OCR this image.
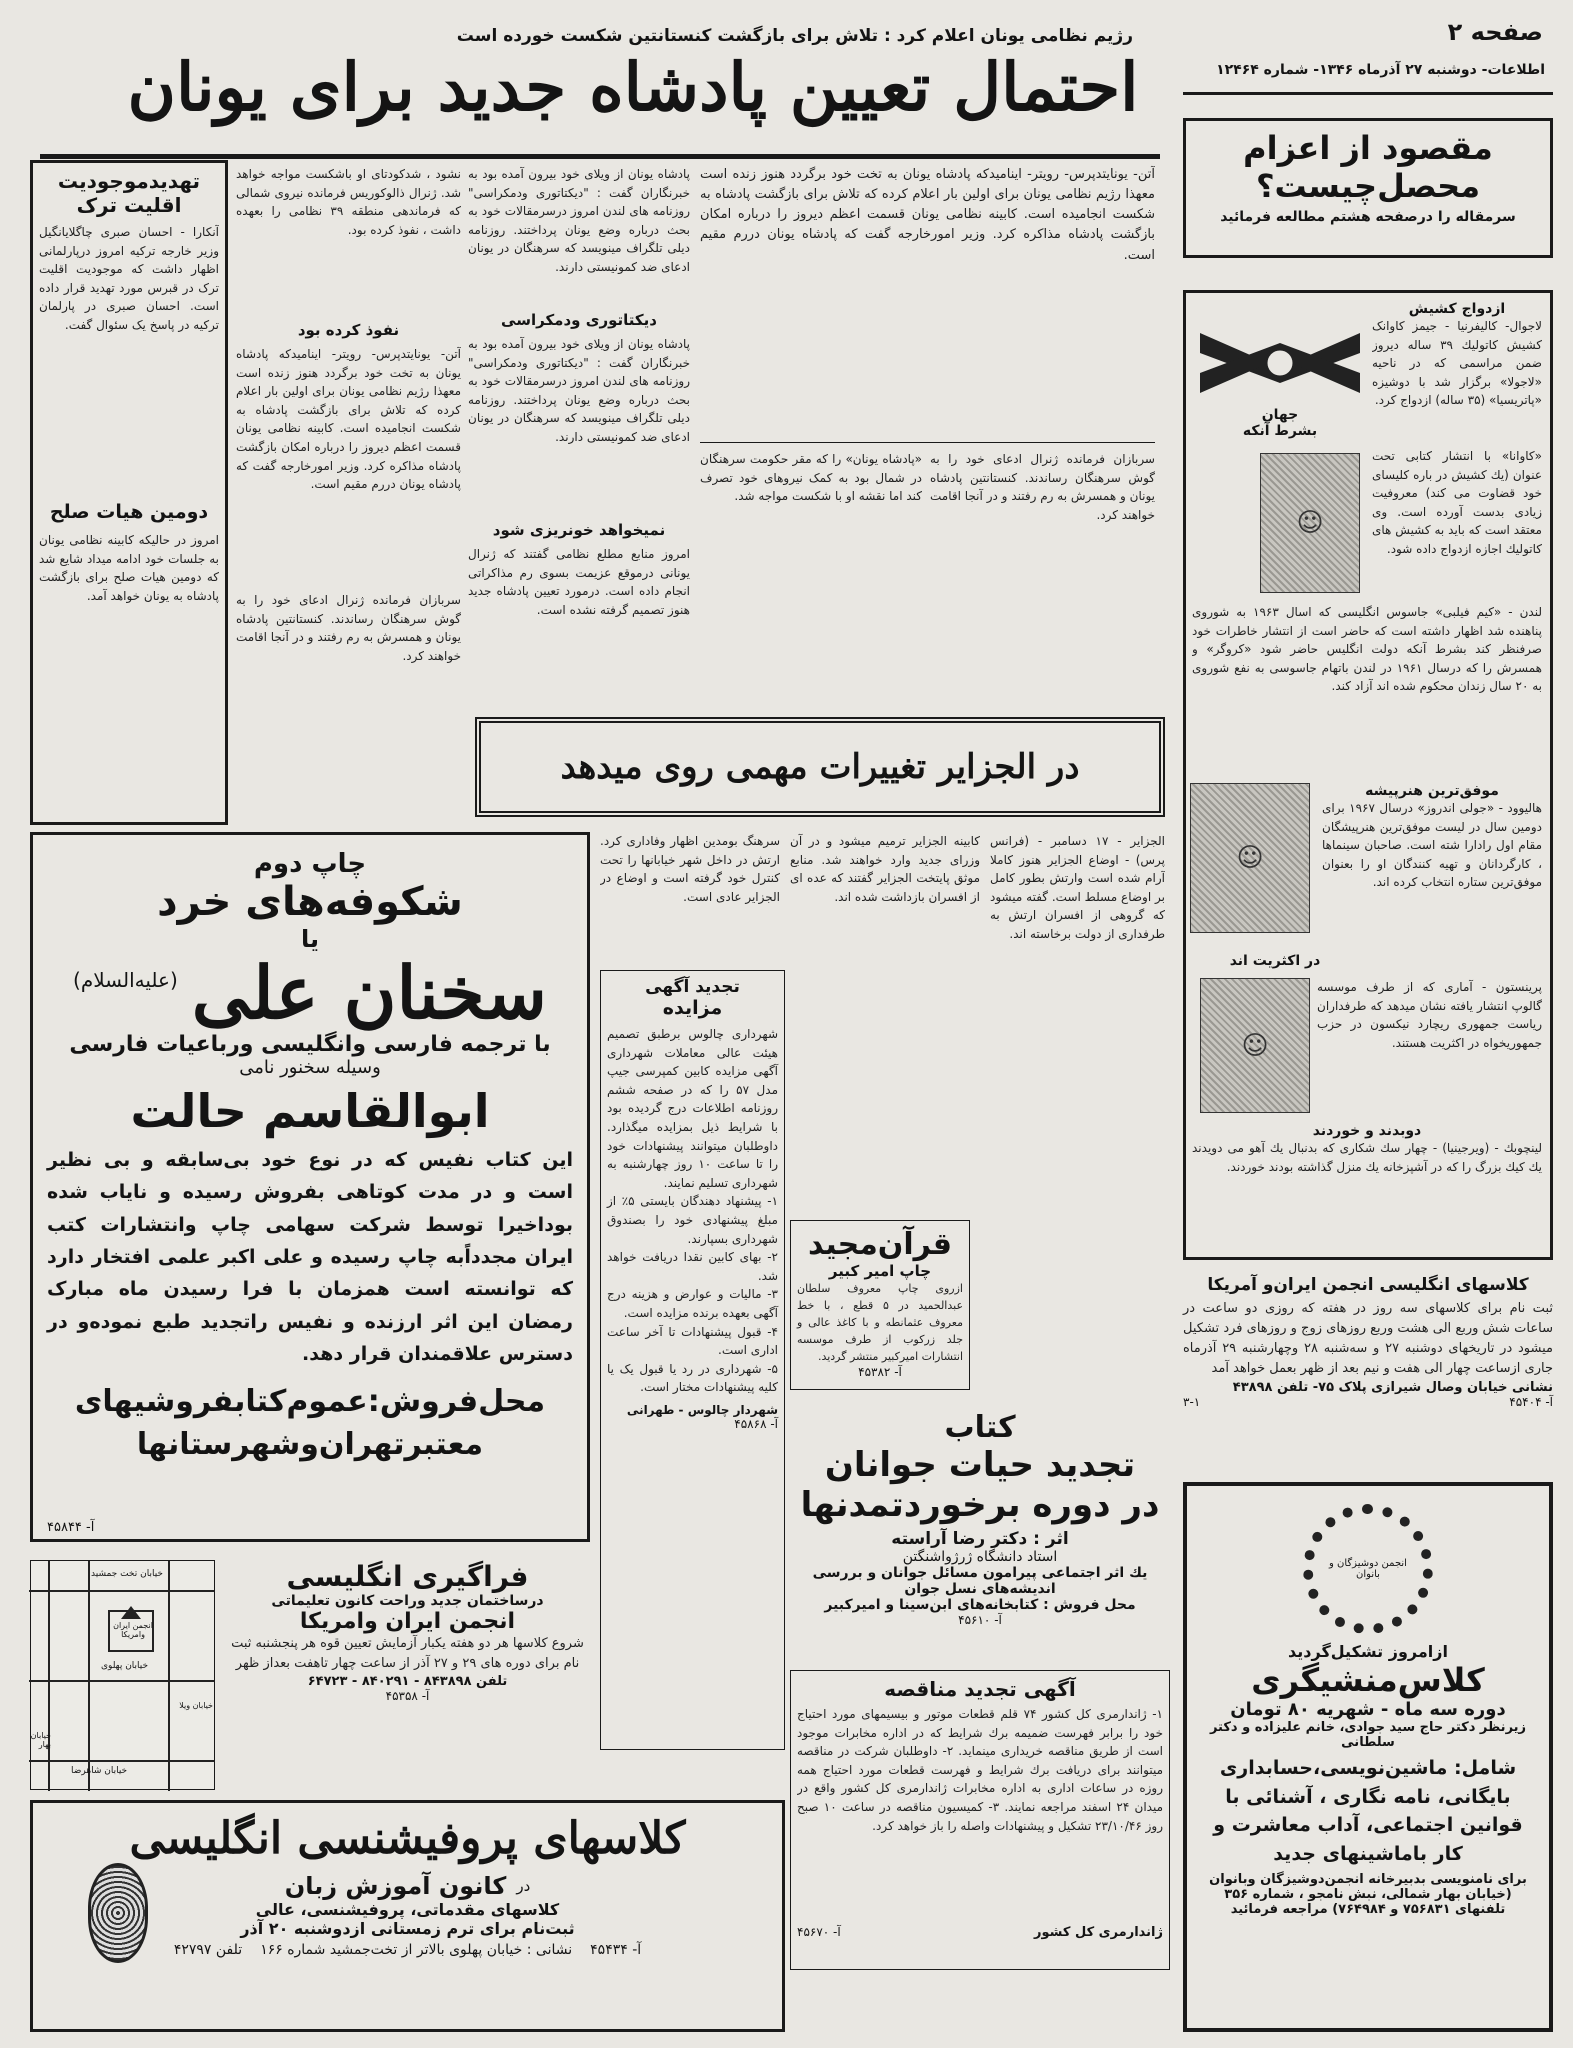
صفحه ۲
اطلاعات- دوشنبه ۲۷ آذرماه ۱۳۴۶- شماره ۱۲۴۶۴
رژیم نظامی یونان اعلام کرد : تلاش برای بازگشت کنستانتین شکست خورده است
احتمال تعیین پادشاه جدید برای یونان
تهدیدموجودیت
اقلیت ترک
آنکارا - احسان صبری چاگلایانگیل وزیر خارجه ترکیه امروز درپارلمانی اظهار داشت که موجودیت اقلیت ترک در قبرس مورد تهدید قرار داده است. احسان صبری در پارلمان ترکیه در پاسخ یک سئوال گفت.
دومین هیات صلح
امروز در حالیکه کابینه نظامی یونان به جلسات خود ادامه میداد شایع شد که دومین هیات صلح برای بازگشت پادشاه به یونان خواهد آمد.
آتن- یونایتدپرس- رویتر- اینامیدکه پادشاه یونان به تخت خود برگردد هنوز زنده است معهذا رژیم نظامی یونان برای اولین بار اعلام کرده که تلاش برای بازگشت پادشاه به شکست انجامیده است. کابینه نظامی یونان قسمت اعظم دیروز را درباره امکان بازگشت پادشاه مذاکره کرد. وزیر امورخارجه گفت که پادشاه یونان دررم مقیم است.
پادشاه یونان از ویلای خود بیرون آمده بود به خبرنگاران گفت : "دیکتاتوری ودمکراسی" روزنامه های لندن امروز درسرمقالات خود به بحث درباره وضع یونان پرداختند. روزنامه دیلی تلگراف مینویسد که سرهنگان در یونان ادعای ضد کمونیستی دارند.
دیکتاتوری ودمکراسی
پادشاه یونان از ویلای خود بیرون آمده بود به خبرنگاران گفت : "دیکتاتوری ودمکراسی" روزنامه های لندن امروز درسرمقالات خود به بحث درباره وضع یونان پرداختند. روزنامه دیلی تلگراف مینویسد که سرهنگان در یونان ادعای ضد کمونیستی دارند.
نمیخواهد خونریزی شود
امروز منابع مطلع نظامی گفتند که ژنرال یونانی درموقع عزیمت بسوی رم مذاکراتی انجام داده است. درمورد تعیین پادشاه جدید هنوز تصمیم گرفته نشده است.
نشود ، شدکودتای او باشکست مواجه خواهد شد. ژنرال ذالوکوریس فرمانده نیروی شمالی که فرماندهی منطقه ۳۹ نظامی را بعهده داشت ، نفوذ کرده بود.
نفوذ کرده بود
آتن- یونایتدپرس- رویتر- اینامیدکه پادشاه یونان به تخت خود برگردد هنوز زنده است معهذا رژیم نظامی یونان برای اولین بار اعلام کرده که تلاش برای بازگشت پادشاه به شکست انجامیده است. کابینه نظامی یونان قسمت اعظم دیروز را درباره امکان بازگشت پادشاه مذاکره کرد. وزیر امورخارجه گفت که پادشاه یونان دررم مقیم است.
سربازان فرمانده ژنرال ادعای خود را به گوش سرهنگان رساندند. کنستانتین پادشاه یونان و همسرش به رم رفتند و در آنجا اقامت خواهند کرد.
سربازان فرمانده ژنرال ادعای خود را به گوش سرهنگان رساندند. کنستانتین پادشاه یونان و همسرش به رم رفتند و در آنجا اقامت خواهند کرد.
«پادشاه یونان» را که مقر حکومت سرهنگان در شمال بود به کمک نیروهای خود تصرف کند اما نقشه او با شکست مواجه شد.
در الجزایر تغییرات مهمی روی میدهد
الجزایر - ۱۷ دسامبر - (فرانس پرس) - اوضاع الجزایر هنوز کاملا آرام شده است وارتش بطور کامل بر اوضاع مسلط است. گفته میشود که گروهی از افسران ارتش به طرفداری از دولت برخاسته اند.
کابینه الجزایر ترمیم میشود و در آن وزرای جدید وارد خواهند شد. منابع موثق پایتخت الجزایر گفتند که عده ای از افسران بازداشت شده اند.
سرهنگ بومدین اظهار وفاداری کرد. ارتش در داخل شهر خیابانها را تحت کنترل خود گرفته است و اوضاع در الجزایر عادی است.
چاپ دوم
شکوفه‌های خرد
یا
سخنان علی
(علیه‌السلام)
با ترجمه فارسی وانگلیسی ورباعیات فارسی
وسیله سخنور نامی
ابوالقاسم حالت
این کتاب نفیس که در نوع خود بی‌سابقه و بی نظیر است و در مدت کوتاهی بفروش رسیده و نایاب شده بوداخیرا توسط شرکت سهامی چاپ وانتشارات کتب ایران مجدداًبه چاپ رسیده و علی اکبر علمی افتخار دارد که توانسته است همزمان با فرا رسیدن ماه مبارک رمضان این اثر ارزنده و نفیس راتجدید طبع نموده‌و در دسترس علاقمندان قرار دهد.
محل‌فروش:عموم‌کتابفروشیهای
معتبرتهران‌وشهرستانها
آ- ۴۵۸۴۴
تجدید آگهی
مزایده
شهرداری چالوس برطبق تصمیم هیئت عالی معاملات شهرداری آگهی مزایده کابین کمپرسی جیپ مدل ۵۷ را که در صفحه ششم روزنامه اطلاعات درج گردیده بود با شرایط ذیل بمزایده میگذارد. داوطلبان میتوانند پیشنهادات خود را تا ساعت ۱۰ روز چهارشنبه به شهرداری تسلیم نمایند.
۱- پیشنهاد دهندگان بایستی ۵٪ از مبلغ پیشنهادی خود را بصندوق شهرداری بسپارند.
۲- بهای کابین نقدا دریافت خواهد شد.
۳- مالیات و عوارض و هزینه درج آگهی بعهده برنده مزایده است.
۴- قبول پیشنهادات تا آخر ساعت اداری است.
۵- شهرداری در رد یا قبول یک یا کلیه پیشنهادات مختار است.
شهردار چالوس - طهرانی
آ- ۴۵۸۶۸
قرآن‌مجید
چاپ امیر کبیر
ازروی چاپ معروف سلطان عبدالحمید در ۵ قطع ، با خط معروف عثمانطه و با کاغذ عالی و جلد زرکوب از طرف موسسه انتشارات امیرکبیر منتشر گردید.
آ- ۴۵۳۸۲
کتاب
تجدید حیات جوانان
در دوره برخوردتمدنها
اثر : دکتر رضا آراسته
استاد دانشگاه ژرژواشنگتن
یك اثر اجتماعی پیرامون مسائل جوانان و بررسی اندیشه‌های نسل جوان
محل فروش : کتابخانه‌های ابن‌سینا و امیرکبیر
آ- ۴۵۶۱۰
آگهی تجدید مناقصه
۱- ژاندارمری کل کشور ۷۴ قلم قطعات موتور و بیسیمهای مورد احتیاج خود را برابر فهرست ضمیمه برك شرایط که در اداره مخابرات موجود است از طریق مناقصه خریداری مینماید. ۲- داوطلبان شرکت در مناقصه میتوانند برای دریافت برك شرایط و فهرست قطعات مورد احتیاج همه روزه در ساعات اداری به اداره مخابرات ژاندارمری کل کشور واقع در میدان ۲۴ اسفند مراجعه نمایند. ۳- کمیسیون مناقصه در ساعت ۱۰ صبح روز ۲۳/۱۰/۴۶ تشکیل و پیشنهادات واصله را باز خواهد کرد.
ژاندارمری کل کشور
آ- ۴۵۶۷۰
خیابان تخت جمشید
انجمن ایران وامریکا
خیابان شاهرضا
خیابان پهلوی
خیابان ویلا
خیابان بهار
فراگیری انگلیسی
درساختمان جدید وراحت کانون تعلیماتی
انجمن ایران وامریکا
شروع کلاسها هر دو هفته یکبار آزمایش تعیین قوه هر پنجشنبه ثبت نام برای دوره های ۲۹ و ۲۷ آذر از ساعت چهار تاهفت بعداز ظهر
تلفن ۸۴۳۸۹۸ - ۸۴۰۲۹۱ - ۶۴۷۲۳
آ- ۴۵۳۵۸
کلاسهای پروفیشنسی انگلیسی
در
کانون آموزش زبان
کلاسهای مقدماتی، پروفیشنسی، عالی
ثبت‌نام برای ترم زمستانی ازدوشنبه ۲۰ آذر
آ- ۴۵۴۳۴
نشانی : خیابان پهلوی بالاتر از تخت‌جمشید شماره ۱۶۶
تلفن ۴۲۷۹۷
مقصود از اعزام
محصل‌چیست؟
سرمقاله را درصفحه هشتم مطالعه فرمائید
جهان
بشرط آنکه
ازدواج کشیش
لاجوال- کالیفرنیا - جیمز کاوانک کشیش کاتولیك ۳۹ ساله دیروز ضمن مراسمی که در ناحیه «لاجولا» برگزار شد با دوشیزه «پاتریسیا» (۳۵ ساله) ازدواج کرد.
«کاوانا» با انتشار کتابی تحت عنوان (یك کشیش در باره کلیسای خود قضاوت می کند) معروفیت زیادی بدست آورده است. وی معتقد است که باید به کشیش های کاتولیك اجازه ازدواج داده شود.
☺
لندن - «کیم فیلبی» جاسوس انگلیسی که اسال ۱۹۶۳ به شوروی پناهنده شد اظهار داشته است که حاضر است از انتشار خاطرات خود صرفنظر کند بشرط آنکه دولت انگلیس حاضر شود «کروگر» و همسرش را که درسال ۱۹۶۱ در لندن باتهام جاسوسی به نفع شوروی به ۲۰ سال زندان محکوم شده اند آزاد کند.
☺
موفق‌ترین هنرپیشه
هالیوود - «جولی اندروز» درسال ۱۹۶۷ برای دومین سال در لیست موفق‌ترین هنرپیشگان مقام اول رادارا شته است. صاحبان سینماها ، کارگردانان و تهیه کنندگان او را بعنوان موفق‌ترین ستاره انتخاب کرده اند.
در اکثریت اند
☺
پرینستون - آماری که از طرف موسسه گالوپ انتشار یافته نشان میدهد که طرفداران ریاست جمهوری ریچارد نیکسون در حزب جمهوریخواه در اکثریت هستند.
دوبدند و خوردند
لینچوبك - (ویرجینیا) - چهار سك شکاری که بدنبال یك آهو می دویدند یك كیك بزرگ را که در آشپزخانه یك منزل گذاشته بودند خوردند.
کلاسهای انگلیسی انجمن ایران‌و آمریکا
ثبت نام برای کلاسهای سه روز در هفته که روزی دو ساعت در ساعات شش وربع الی هشت وربع روزهای زوج و روزهای فرد تشکیل میشود در تاریخهای دوشنبه ۲۷ و سه‌شنبه ۲۸ وچهارشنبه ۲۹ آذرماه جاری ازساعت چهار الی هفت و نیم بعد از ظهر بعمل خواهد آمد
نشانی خیابان وصال شیرازی پلاک ۷۵- تلفن ۴۳۸۹۸
آ- ۴۵۴۰۴
۳-۱
انجمن دوشیزگان و بانوان
ازامروز تشکیل‌گردید
کلاس‌منشیگری
دوره سه ماه - شهریه ۸۰ تومان
زیرنظر دکتر حاج سید جوادی، خانم علیزاده و دکتر سلطانی
شامل: ماشین‌نویسی،حسابداری بایگانی، نامه نگاری ، آشنائی با قوانین اجتماعی، آداب معاشرت و کار باماشینهای جدید
برای نامنویسی بدبیرخانه انجمن‌دوشیزگان وبانوان (خیابان بهار شمالی، نبش نامجو ، شماره ۳۵۶ تلفنهای ۷۵۶۸۳۱ و ۷۶۴۹۸۴) مراجعه فرمائید
